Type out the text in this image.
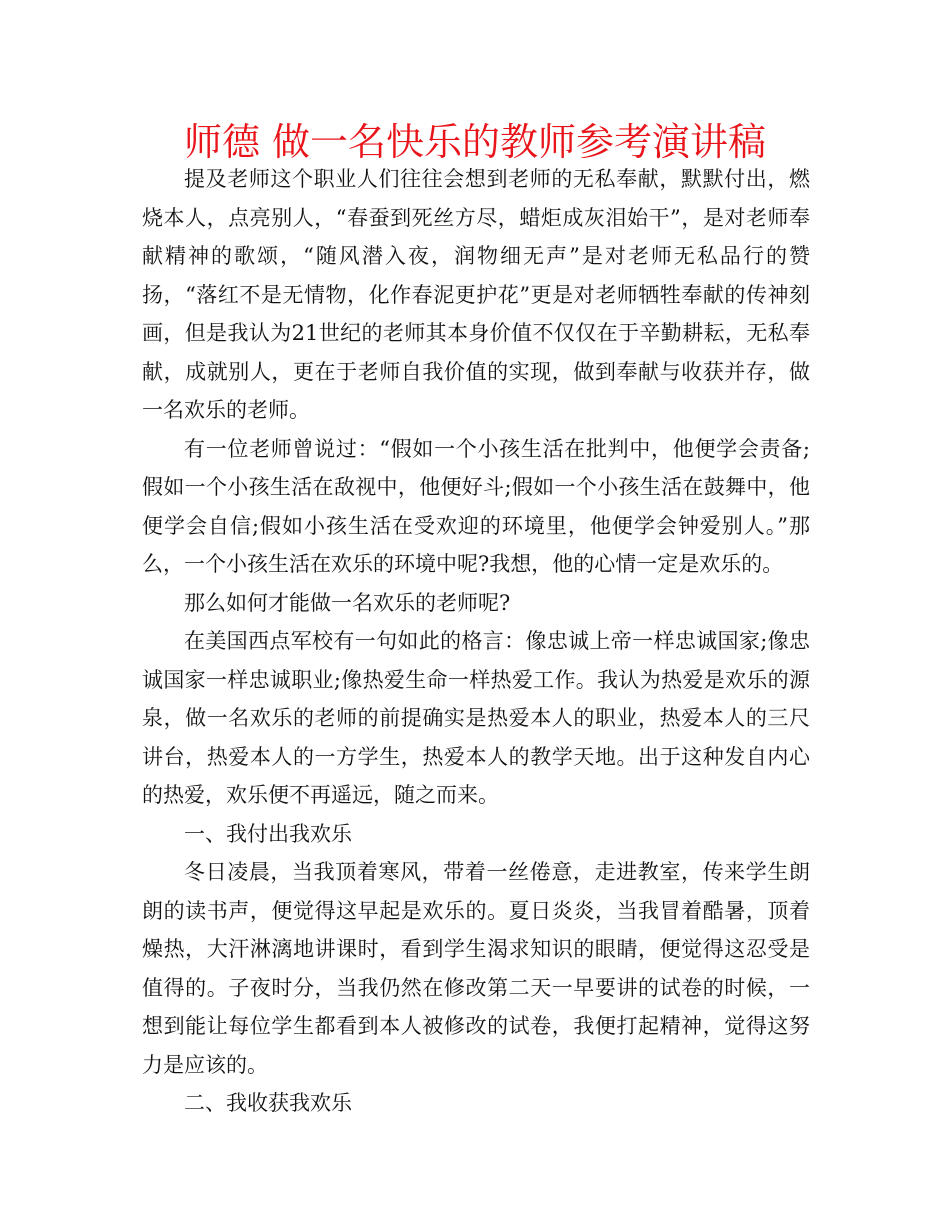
师德 做一名快乐的教师参考演讲稿

提及老师这个职业人们往往会想到老师的无私奉献，默默付出，燃烧本人，点亮别人，“春蚕到死丝方尽，蜡炬成灰泪始干”，是对老师奉献精神的歌颂，“随风潜入夜，润物细无声”是对老师无私品行的赞扬，“落红不是无情物，化作春泥更护花”更是对老师牺牲奉献的传神刻画，但是我认为21世纪的老师其本身价值不仅仅在于辛勤耕耘，无私奉献，成就别人，更在于老师自我价值的实现，做到奉献与收获并存，做一名欢乐的老师。

有一位老师曾说过：“假如一个小孩生活在批判中，他便学会责备;假如一个小孩生活在敌视中，他便好斗;假如一个小孩生活在鼓舞中，他便学会自信;假如小孩生活在受欢迎的环境里，他便学会钟爱别人。”那么，一个小孩生活在欢乐的环境中呢?我想，他的心情一定是欢乐的。

那么如何才能做一名欢乐的老师呢?

在美国西点军校有一句如此的格言：像忠诚上帝一样忠诚国家;像忠诚国家一样忠诚职业;像热爱生命一样热爱工作。我认为热爱是欢乐的源泉，做一名欢乐的老师的前提确实是热爱本人的职业，热爱本人的三尺讲台，热爱本人的一方学生，热爱本人的教学天地。出于这种发自内心的热爱，欢乐便不再遥远，随之而来。

一、我付出我欢乐

冬日凌晨，当我顶着寒风，带着一丝倦意，走进教室，传来学生朗朗的读书声，便觉得这早起是欢乐的。夏日炎炎，当我冒着酷暑，顶着燥热，大汗淋漓地讲课时，看到学生渴求知识的眼睛，便觉得这忍受是值得的。子夜时分，当我仍然在修改第二天一早要讲的试卷的时候，一想到能让每位学生都看到本人被修改的试卷，我便打起精神，觉得这努力是应该的。

二、我收获我欢乐
